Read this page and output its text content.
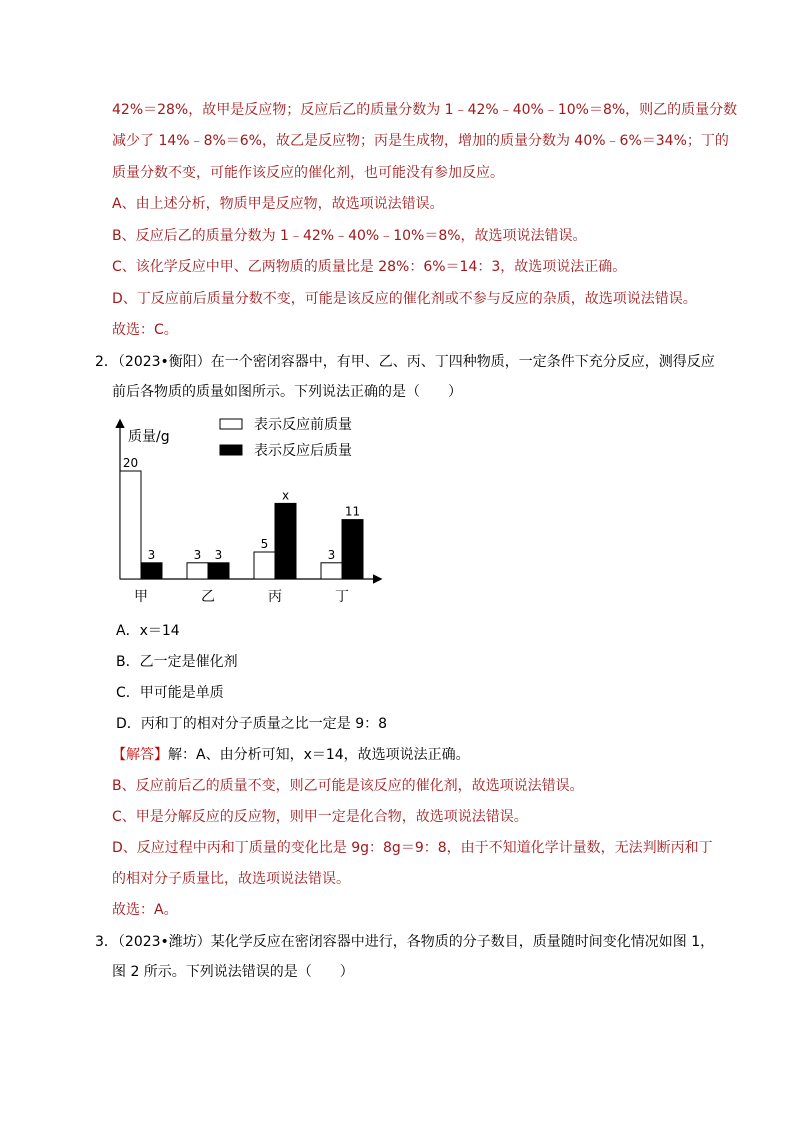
42%＝28%，故甲是反应物；反应后乙的质量分数为 1﹣42%﹣40%﹣10%＝8%，则乙的质量分数
减少了 14%﹣8%＝6%，故乙是反应物；丙是生成物，增加的质量分数为 40%﹣6%＝34%；丁的
质量分数不变，可能作该反应的催化剂，也可能没有参加反应。
A、由上述分析，物质甲是反应物，故选项说法错误。
B、反应后乙的质量分数为 1﹣42%﹣40%﹣10%＝8%，故选项说法错误。
C、该化学反应中甲、乙两物质的质量比是 28%：6%＝14：3，故选项说法正确。
D、丁反应前后质量分数不变，可能是该反应的催化剂或不参与反应的杂质，故选项说法错误。
故选：C。
2．（2023•衡阳）在一个密闭容器中，有甲、乙、丙、丁四种物质，一定条件下充分反应，测得反应
前后各物质的质量如图所示。下列说法正确的是（　　）
质量/g
表示反应前质量
表示反应后质量
20
3
甲
3 3
乙
5
x
丙
3
11
丁
A．x＝14
B．乙一定是催化剂
C．甲可能是单质
D．丙和丁的相对分子质量之比一定是 9：8
【解答】解：A、由分析可知，x＝14，故选项说法正确。
B、反应前后乙的质量不变，则乙可能是该反应的催化剂，故选项说法错误。
C、甲是分解反应的反应物，则甲一定是化合物，故选项说法错误。
D、反应过程中丙和丁质量的变化比是 9g：8g＝9：8，由于不知道化学计量数，无法判断丙和丁
的相对分子质量比，故选项说法错误。
故选：A。
3．（2023•潍坊）某化学反应在密闭容器中进行，各物质的分子数目，质量随时间变化情况如图 1，
图 2 所示。下列说法错误的是（　　）
